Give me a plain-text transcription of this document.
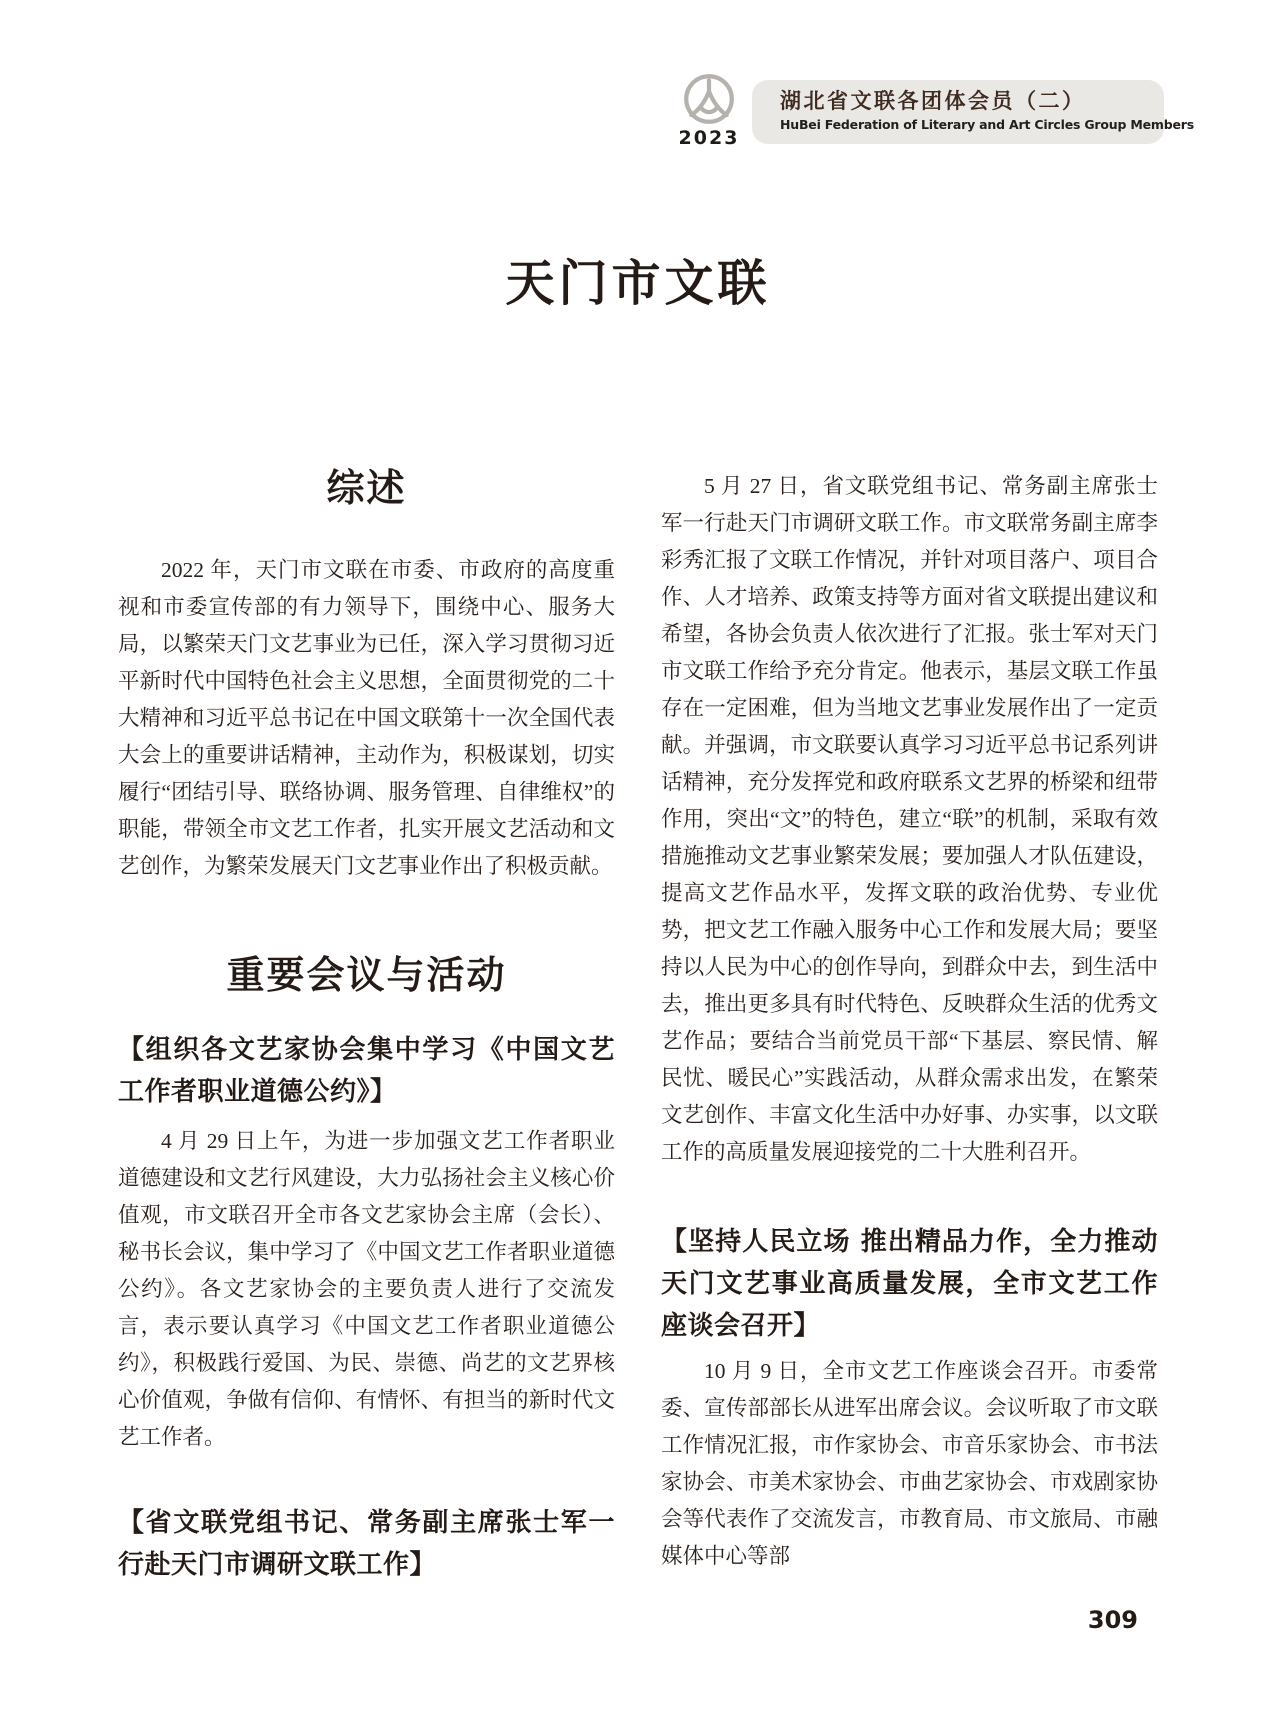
2023
湖北省文联各团体会员（二）
HuBei Federation of Literary and Art Circles Group Members
天门市文联
综述

2022 年，天门市文联在市委、市政府的高度重视和市委宣传部的有力领导下，围绕中心、服务大局，以繁荣天门文艺事业为已任，深入学习贯彻习近平新时代中国特色社会主义思想，全面贯彻党的二十大精神和习近平总书记在中国文联第十一次全国代表大会上的重要讲话精神，主动作为，积极谋划，切实履行“团结引导、联络协调、服务管理、自律维权”的职能，带领全市文艺工作者，扎实开展文艺活动和文艺创作，为繁荣发展天门文艺事业作出了积极贡献。

重要会议与活动
【组织各文艺家协会集中学习《中国文艺工作者职业道德公约》】

4 月 29 日上午，为进一步加强文艺工作者职业道德建设和文艺行风建设，大力弘扬社会主义核心价值观，市文联召开全市各文艺家协会主席（会长）、秘书长会议，集中学习了《中国文艺工作者职业道德公约》。各文艺家协会的主要负责人进行了交流发言，表示要认真学习《中国文艺工作者职业道德公约》，积极践行爱国、为民、崇德、尚艺的文艺界核心价值观，争做有信仰、有情怀、有担当的新时代文艺工作者。

【省文联党组书记、常务副主席张士军一行赴天门市调研文联工作】

5 月 27 日，省文联党组书记、常务副主席张士军一行赴天门市调研文联工作。市文联常务副主席李彩秀汇报了文联工作情况，并针对项目落户、项目合作、人才培养、政策支持等方面对省文联提出建议和希望，各协会负责人依次进行了汇报。张士军对天门市文联工作给予充分肯定。他表示，基层文联工作虽存在一定困难，但为当地文艺事业发展作出了一定贡献。并强调，市文联要认真学习习近平总书记系列讲话精神，充分发挥党和政府联系文艺界的桥梁和纽带作用，突出“文”的特色，建立“联”的机制，采取有效措施推动文艺事业繁荣发展；要加强人才队伍建设，提高文艺作品水平，发挥文联的政治优势、专业优势，把文艺工作融入服务中心工作和发展大局；要坚持以人民为中心的创作导向，到群众中去，到生活中去，推出更多具有时代特色、反映群众生活的优秀文艺作品；要结合当前党员干部“下基层、察民情、解民忧、暖民心”实践活动，从群众需求出发，在繁荣文艺创作、丰富文化生活中办好事、办实事，以文联工作的高质量发展迎接党的二十大胜利召开。

【坚持人民立场 推出精品力作，全力推动天门文艺事业高质量发展，全市文艺工作座谈会召开】

10 月 9 日，全市文艺工作座谈会召开。市委常委、宣传部部长从进军出席会议。会议听取了市文联工作情况汇报，市作家协会、市音乐家协会、市书法家协会、市美术家协会、市曲艺家协会、市戏剧家协会等代表作了交流发言，市教育局、市文旅局、市融媒体中心等部

309
